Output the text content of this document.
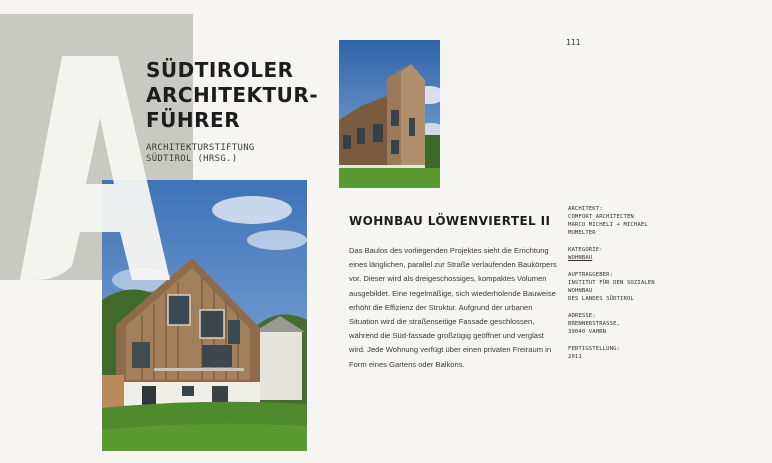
SÜDTIROLER
ARCHITEKTUR-
FÜHRER
ARCHITEKTURSTIFTUNG
SÜDTIROL (HRSG.)
111
WOHNBAU LÖWENVIERTEL II

Das Baulos des vorliegenden Projektes sieht die Errichtung eines länglichen, parallel zur Straße verlaufenden Baukörpers vor. Dieser wird als dreigeschossiges, kompaktes Volumen ausgebildet. Eine regelmäßige, sich wiederholende Bauweise erhöht die Effizienz der Struktur. Aufgrund der urbanen Situation wird die straßenseitige Fassade geschlossen, während die Süd-fassade großzügig geöffnet und verglast wird. Jede Wohnung verfügt über einen privaten Freiraum in Form eines Gartens oder Balkons.

ARCHITEKT:
COMFORT_ARCHITECTEN
MARCO MICHELI + MICHAEL MUMELTER
KATEGORIE:
WOHNBAU
AUFTRAGGEBER:
INSTITUT FÜR DEN SOZIALEN WOHNBAU
DES LANDES SÜDTIROL
ADRESSE:
BRENNERSTRASSE,
39040 VAHRN
FERTIGSTELLUNG:
2011
